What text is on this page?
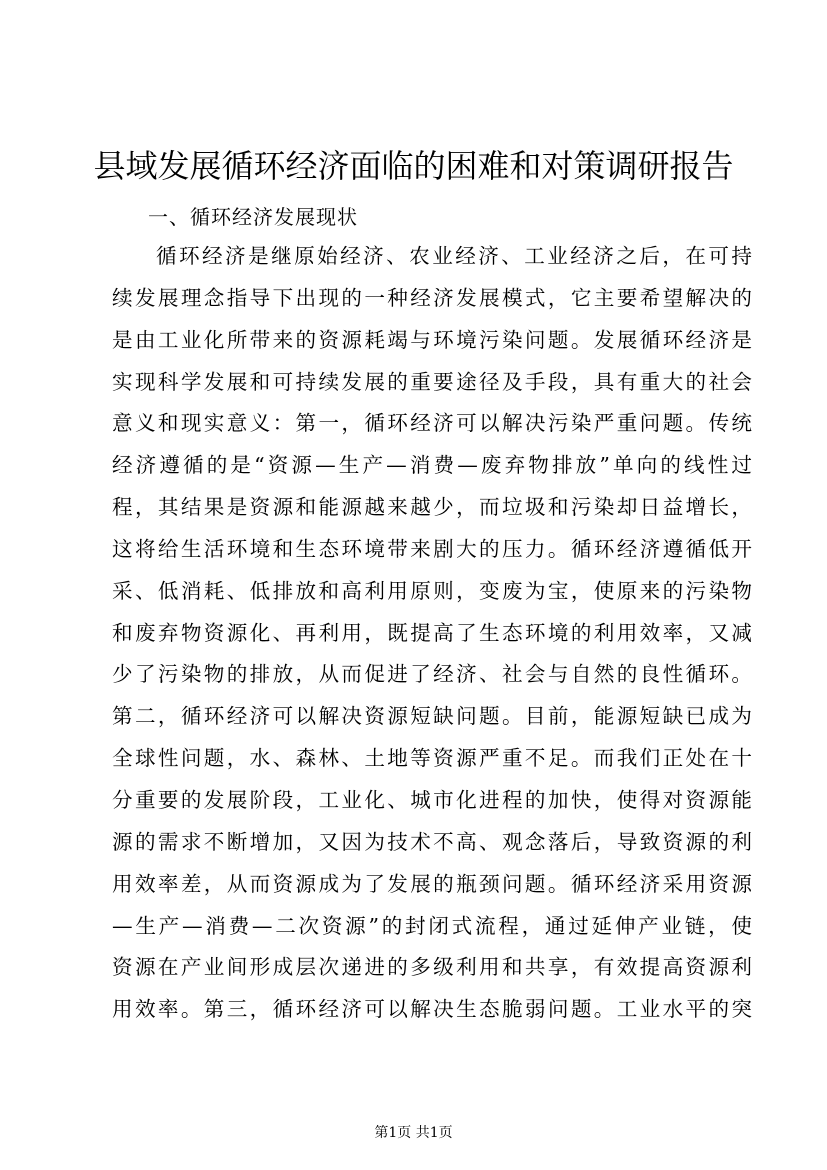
县域发展循环经济面临的困难和对策调研报告
一、循环经济发展现状
循环经济是继原始经济、农业经济、工业经济之后，在可持
续发展理念指导下出现的一种经济发展模式，它主要希望解决的
是由工业化所带来的资源耗竭与环境污染问题。发展循环经济是
实现科学发展和可持续发展的重要途径及手段，具有重大的社会
意义和现实意义：第一，循环经济可以解决污染严重问题。传统
经济遵循的是“资源—生产—消费—废弃物排放”单向的线性过
程，其结果是资源和能源越来越少，而垃圾和污染却日益增长，
这将给生活环境和生态环境带来剧大的压力。循环经济遵循低开
采、低消耗、低排放和高利用原则，变废为宝，使原来的污染物
和废弃物资源化、再利用，既提高了生态环境的利用效率，又减
少了污染物的排放，从而促进了经济、社会与自然的良性循环。
第二，循环经济可以解决资源短缺问题。目前，能源短缺已成为
全球性问题，水、森林、土地等资源严重不足。而我们正处在十
分重要的发展阶段，工业化、城市化进程的加快，使得对资源能
源的需求不断增加，又因为技术不高、观念落后，导致资源的利
用效率差，从而资源成为了发展的瓶颈问题。循环经济采用资源
—生产—消费—二次资源”的封闭式流程，通过延伸产业链，使
资源在产业间形成层次递进的多级利用和共享，有效提高资源利
用效率。第三，循环经济可以解决生态脆弱问题。工业水平的突
第1页 共1页
